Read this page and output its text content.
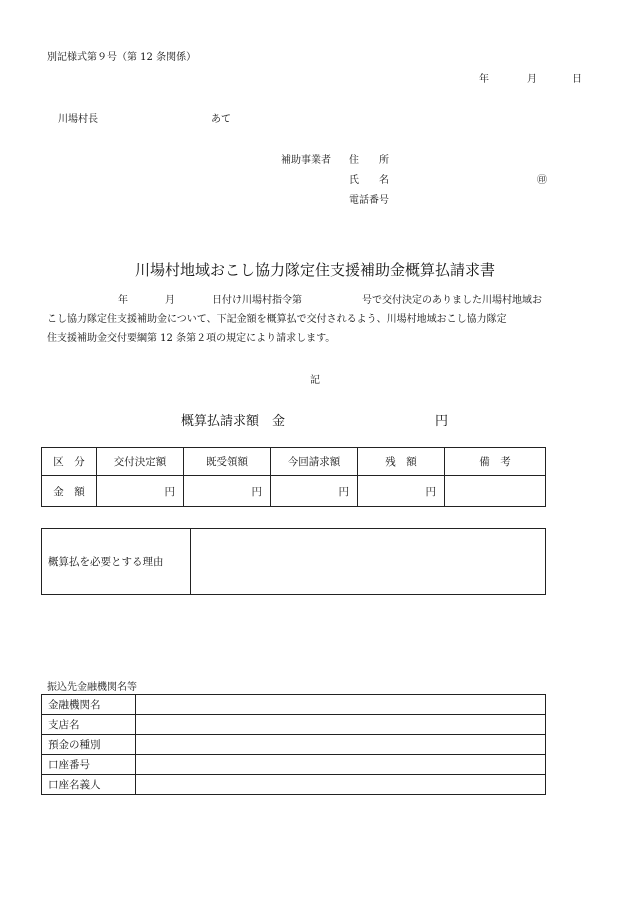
別記様式第９号（第 12 条関係）
年	月	日
川場村長	あて
補助事業者 住　　所
氏　　名	㊞
電話番号
川場村地域おこし協力隊定住支援補助金概算払請求書
年	月	日付け川場村指令第	号で交付決定のありました川場村地域お
こし協力隊定住支援補助金について、下記金額を概算払で交付されるよう、川場村地域おこし協力隊定
住支援補助金交付要綱第 12 条第２項の規定により請求します。
記
概算払請求額　金	円
区　分	交付決定額	既受領額	今回請求額	残　額	備　考
金　額	円	円	円	円	
概算払を必要とする理由	
振込先金融機関名等
金融機関名	
支店名	
預金の種別	
口座番号	
口座名義人	
